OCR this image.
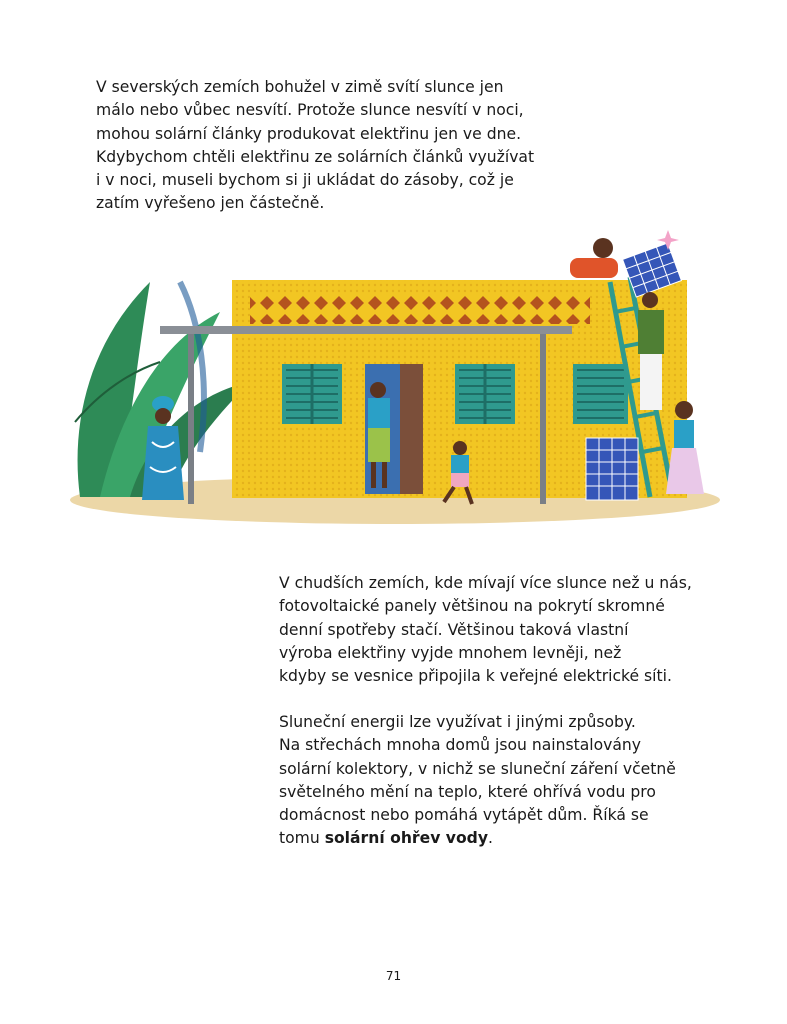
V severských zemích bohužel v zimě svítí slunce jen
málo nebo vůbec nesvítí. Protože slunce nesvítí v noci,
mohou solární články produkovat elektřinu jen ve dne.
Kdybychom chtěli elektřinu ze solárních článků využívat
i v noci, museli bychom si ji ukládat do zásoby, což je
zatím vyřešeno jen částečně.
V chudších zemích, kde mívají více slunce než u nás,
fotovoltaické panely většinou na pokrytí skromné
denní spotřeby stačí. Většinou taková vlastní
výroba elektřiny vyjde mnohem levněji, než
kdyby se vesnice připojila k veřejné elektrické síti.
Sluneční energii lze využívat i jinými způsoby.
Na střechách mnoha domů jsou nainstalovány
solární kolektory, v nichž se sluneční záření včetně
světelného mění na teplo, které ohřívá vodu pro
domácnost nebo pomáhá vytápět dům. Říká se
tomu solární ohřev vody.
71
